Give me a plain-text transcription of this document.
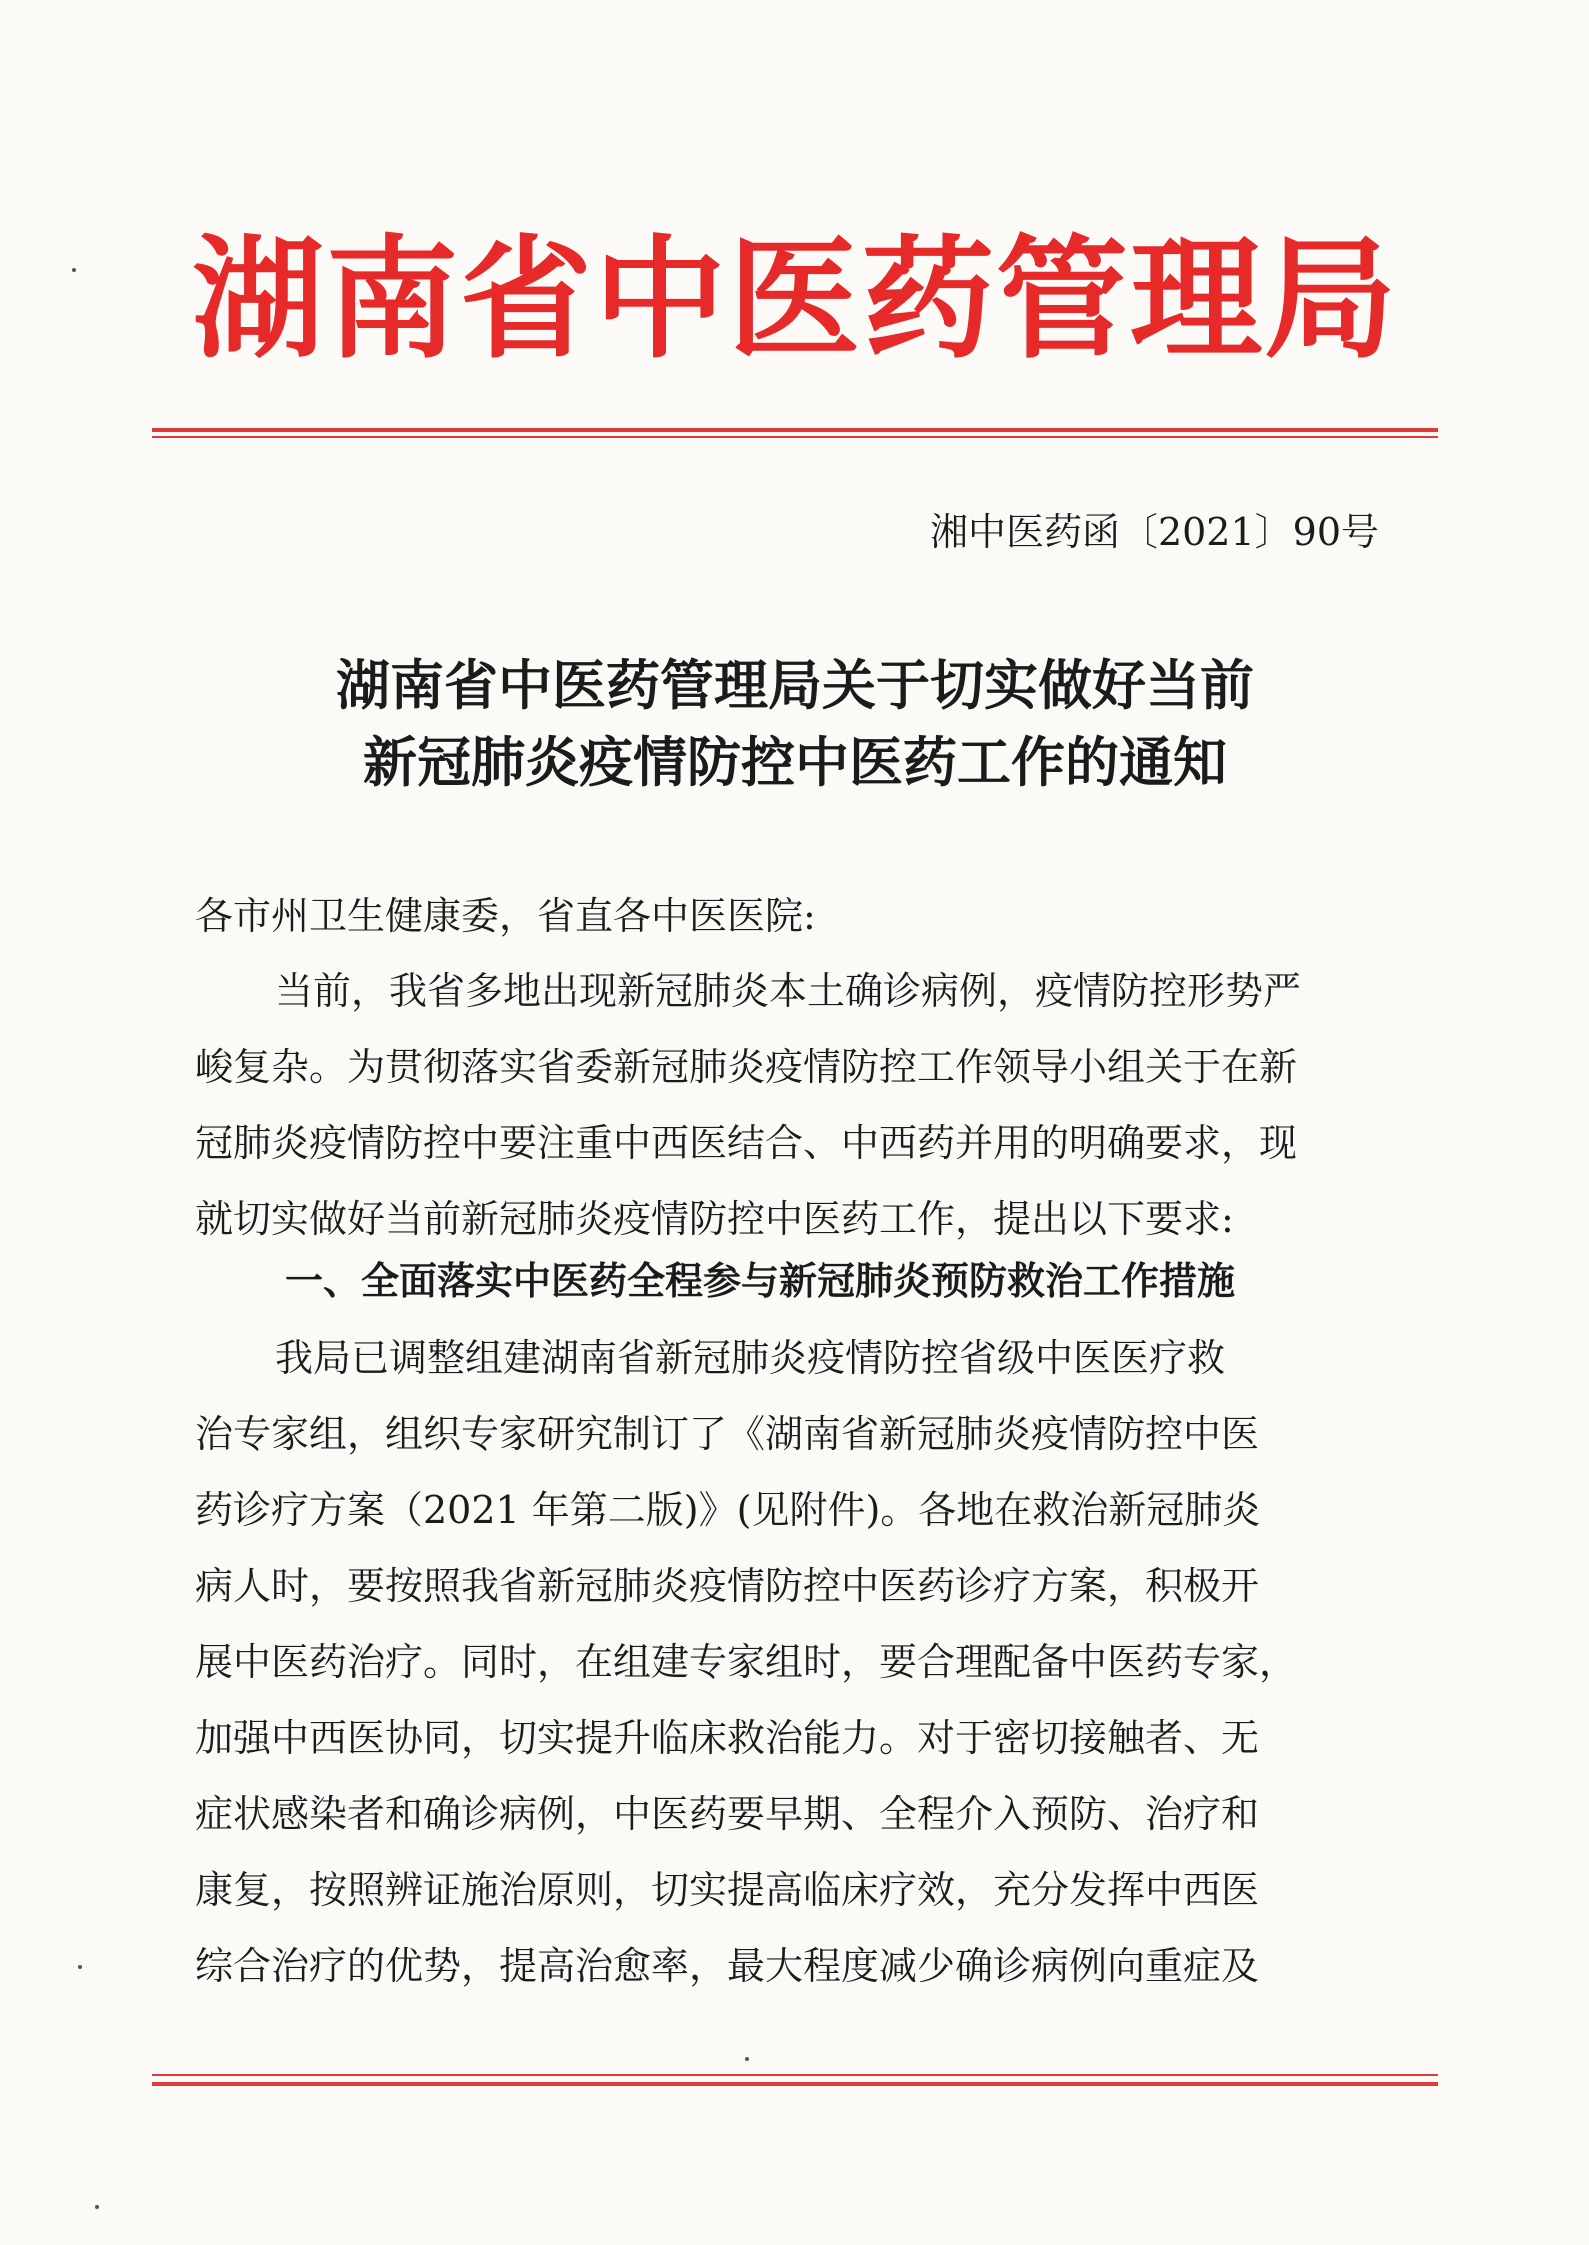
湖南省中医药管理局
湘中医药函〔2021〕90号
湖南省中医药管理局关于切实做好当前
新冠肺炎疫情防控中医药工作的通知
各市州卫生健康委，省直各中医医院:
当前，我省多地出现新冠肺炎本土确诊病例，疫情防控形势严
峻复杂。为贯彻落实省委新冠肺炎疫情防控工作领导小组关于在新
冠肺炎疫情防控中要注重中西医结合、中西药并用的明确要求，现
就切实做好当前新冠肺炎疫情防控中医药工作，提出以下要求:
一、全面落实中医药全程参与新冠肺炎预防救治工作措施
我局已调整组建湖南省新冠肺炎疫情防控省级中医医疗救
治专家组，组织专家研究制订了《湖南省新冠肺炎疫情防控中医
药诊疗方案（2021 年第二版)》(见附件)。各地在救治新冠肺炎
病人时，要按照我省新冠肺炎疫情防控中医药诊疗方案，积极开
展中医药治疗。同时，在组建专家组时，要合理配备中医药专家，
加强中西医协同，切实提升临床救治能力。对于密切接触者、无
症状感染者和确诊病例，中医药要早期、全程介入预防、治疗和
康复，按照辨证施治原则，切实提高临床疗效，充分发挥中西医
综合治疗的优势，提高治愈率，最大程度减少确诊病例向重症及
